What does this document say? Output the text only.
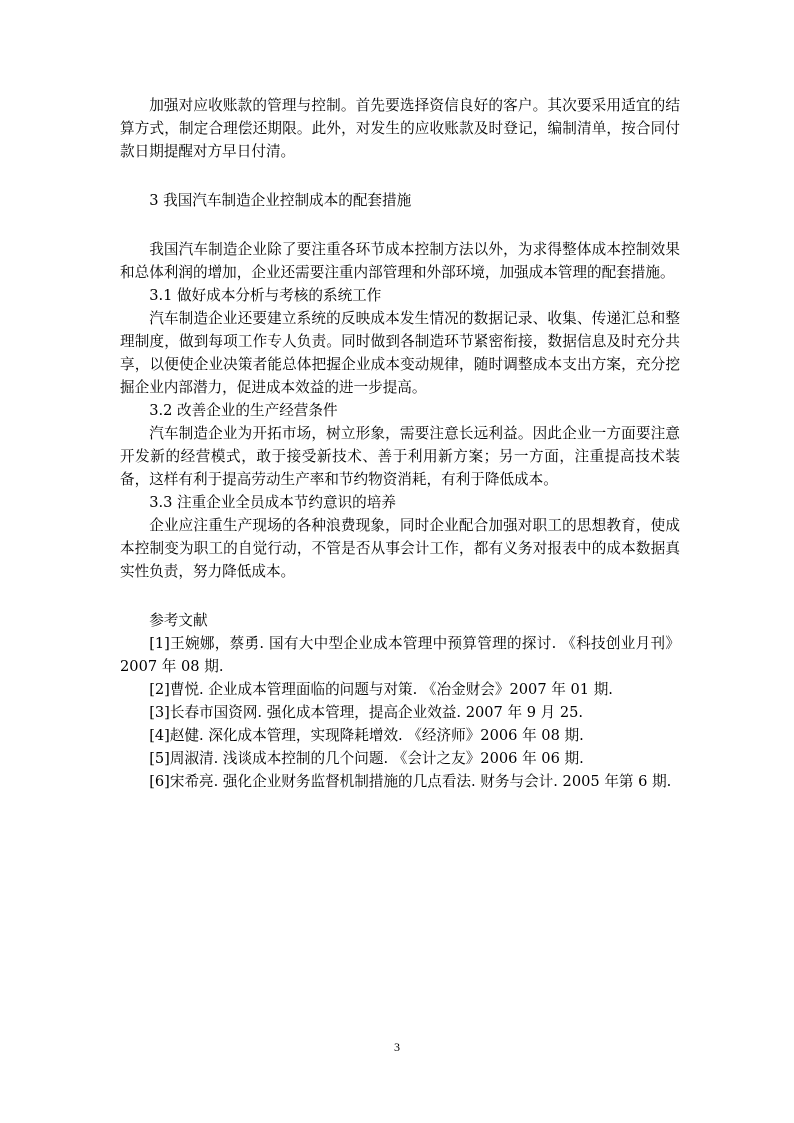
加强对应收账款的管理与控制。首先要选择资信良好的客户。其次要采用适宜的结算方式，制定合理偿还期限。此外，对发生的应收账款及时登记，编制清单，按合同付款日期提醒对方早日付清。

3 我国汽车制造企业控制成本的配套措施

我国汽车制造企业除了要注重各环节成本控制方法以外，为求得整体成本控制效果和总体利润的增加，企业还需要注重内部管理和外部环境，加强成本管理的配套措施。

3.1 做好成本分析与考核的系统工作

汽车制造企业还要建立系统的反映成本发生情况的数据记录、收集、传递汇总和整理制度，做到每项工作专人负责。同时做到各制造环节紧密衔接，数据信息及时充分共享，以便使企业决策者能总体把握企业成本变动规律，随时调整成本支出方案，充分挖掘企业内部潜力，促进成本效益的进一步提高。

3.2 改善企业的生产经营条件

汽车制造企业为开拓市场，树立形象，需要注意长远利益。因此企业一方面要注意开发新的经营模式，敢于接受新技术、善于利用新方案；另一方面，注重提高技术装备，这样有利于提高劳动生产率和节约物资消耗，有利于降低成本。

3.3 注重企业全员成本节约意识的培养

企业应注重生产现场的各种浪费现象，同时企业配合加强对职工的思想教育，使成本控制变为职工的自觉行动，不管是否从事会计工作，都有义务对报表中的成本数据真实性负责，努力降低成本。

参考文献

[1]王婉娜，蔡勇. 国有大中型企业成本管理中预算管理的探讨. 《科技创业月刊》2007 年 08 期.

[2]曹悦. 企业成本管理面临的问题与对策. 《冶金财会》2007 年 01 期.

[3]长春市国资网. 强化成本管理，提高企业效益. 2007 年 9 月 25.

[4]赵健. 深化成本管理，实现降耗增效. 《经济师》2006 年 08 期.

[5]周淑清. 浅谈成本控制的几个问题. 《会计之友》2006 年 06 期.

[6]宋希亮. 强化企业财务监督机制措施的几点看法. 财务与会计. 2005 年第 6 期.

3
